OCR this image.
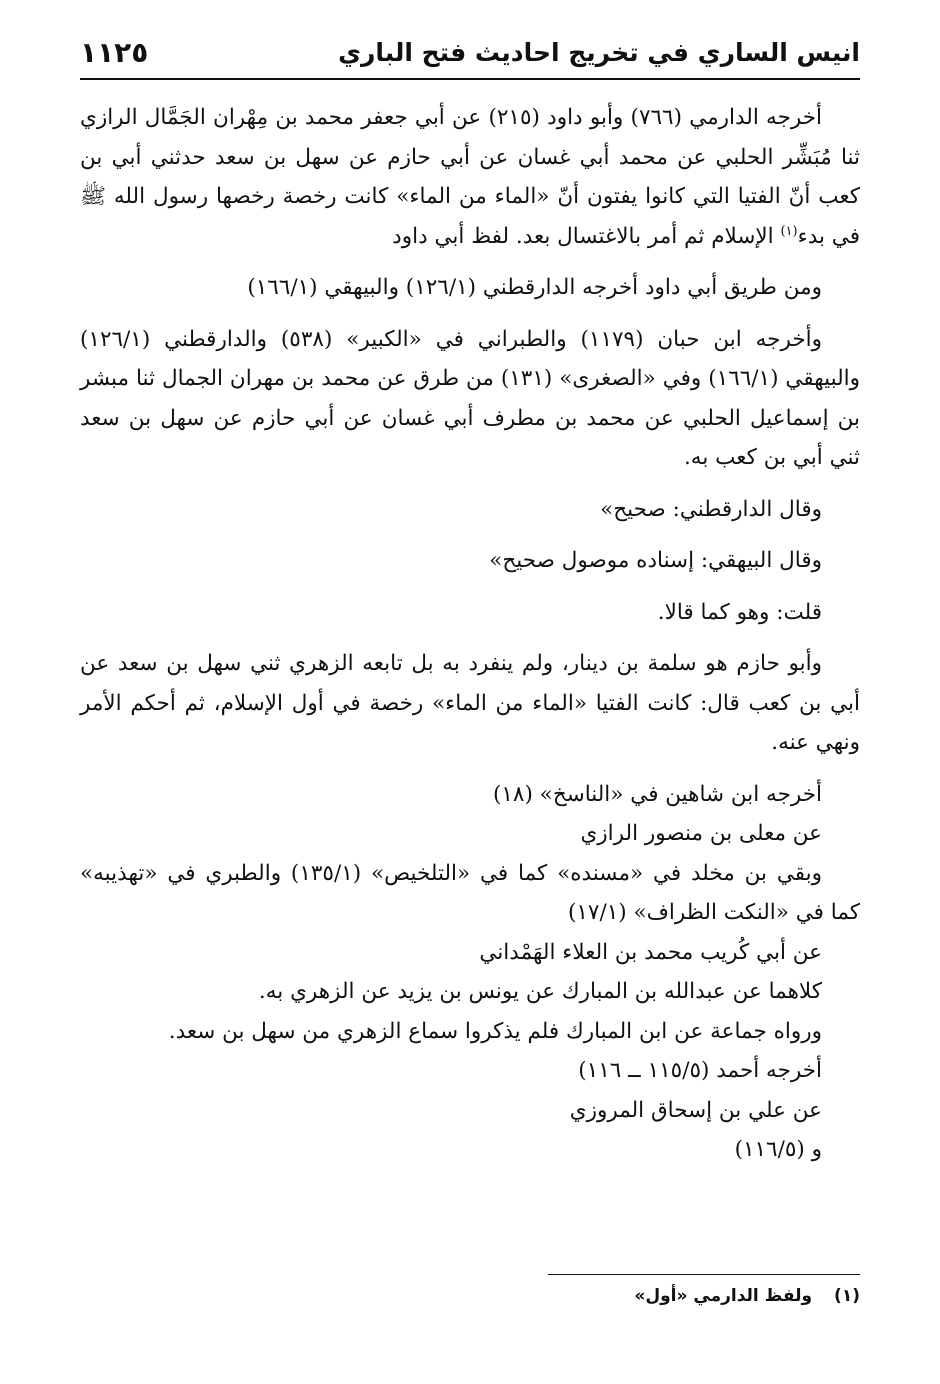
انيس الساري في تخريج احاديث فتح الباري
١١٢٥

أخرجه الدارمي (٧٦٦) وأبو داود (٢١٥) عن أبي جعفر محمد بن مِهْران الجَمَّال الرازي ثنا مُبَشِّر الحلبي عن محمد أبي غسان عن أبي حازم عن سهل بن سعد حدثني أبي بن كعب أنّ الفتيا التي كانوا يفتون أنّ «الماء من الماء» كانت رخصة رخصها رسول الله ﷺ في بدء$^{(١)}$ الإسلام ثم أمر بالاغتسال بعد. لفظ أبي داود

ومن طريق أبي داود أخرجه الدارقطني (١٢٦/١) والبيهقي (١٦٦/١)

وأخرجه ابن حبان (١١٧٩) والطبراني في «الكبير» (٥٣٨) والدارقطني (١٢٦/١) والبيهقي (١٦٦/١) وفي «الصغرى» (١٣١) من طرق عن محمد بن مهران الجمال ثنا مبشر بن إسماعيل الحلبي عن محمد بن مطرف أبي غسان عن أبي حازم عن سهل بن سعد ثني أبي بن كعب به.

وقال الدارقطني: صحيح»

وقال البيهقي: إسناده موصول صحيح»

قلت: وهو كما قالا.

وأبو حازم هو سلمة بن دينار، ولم ينفرد به بل تابعه الزهري ثني سهل بن سعد عن أبي بن كعب قال: كانت الفتيا «الماء من الماء» رخصة في أول الإسلام، ثم أحكم الأمر ونهي عنه.

أخرجه ابن شاهين في «الناسخ» (١٨)

عن معلى بن منصور الرازي

وبقي بن مخلد في «مسنده» كما في «التلخيص» (١٣٥/١) والطبري في «تهذيبه» كما في «النكت الظراف» (١٧/١)

عن أبي كُريب محمد بن العلاء الهَمْداني

كلاهما عن عبدالله بن المبارك عن يونس بن يزيد عن الزهري به.

ورواه جماعة عن ابن المبارك فلم يذكروا سماع الزهري من سهل بن سعد.

أخرجه أحمد (١١٥/٥ ــ ١١٦)

عن علي بن إسحاق المروزي

و (١١٦/٥)

(١)ولفظ الدارمي «أول»
